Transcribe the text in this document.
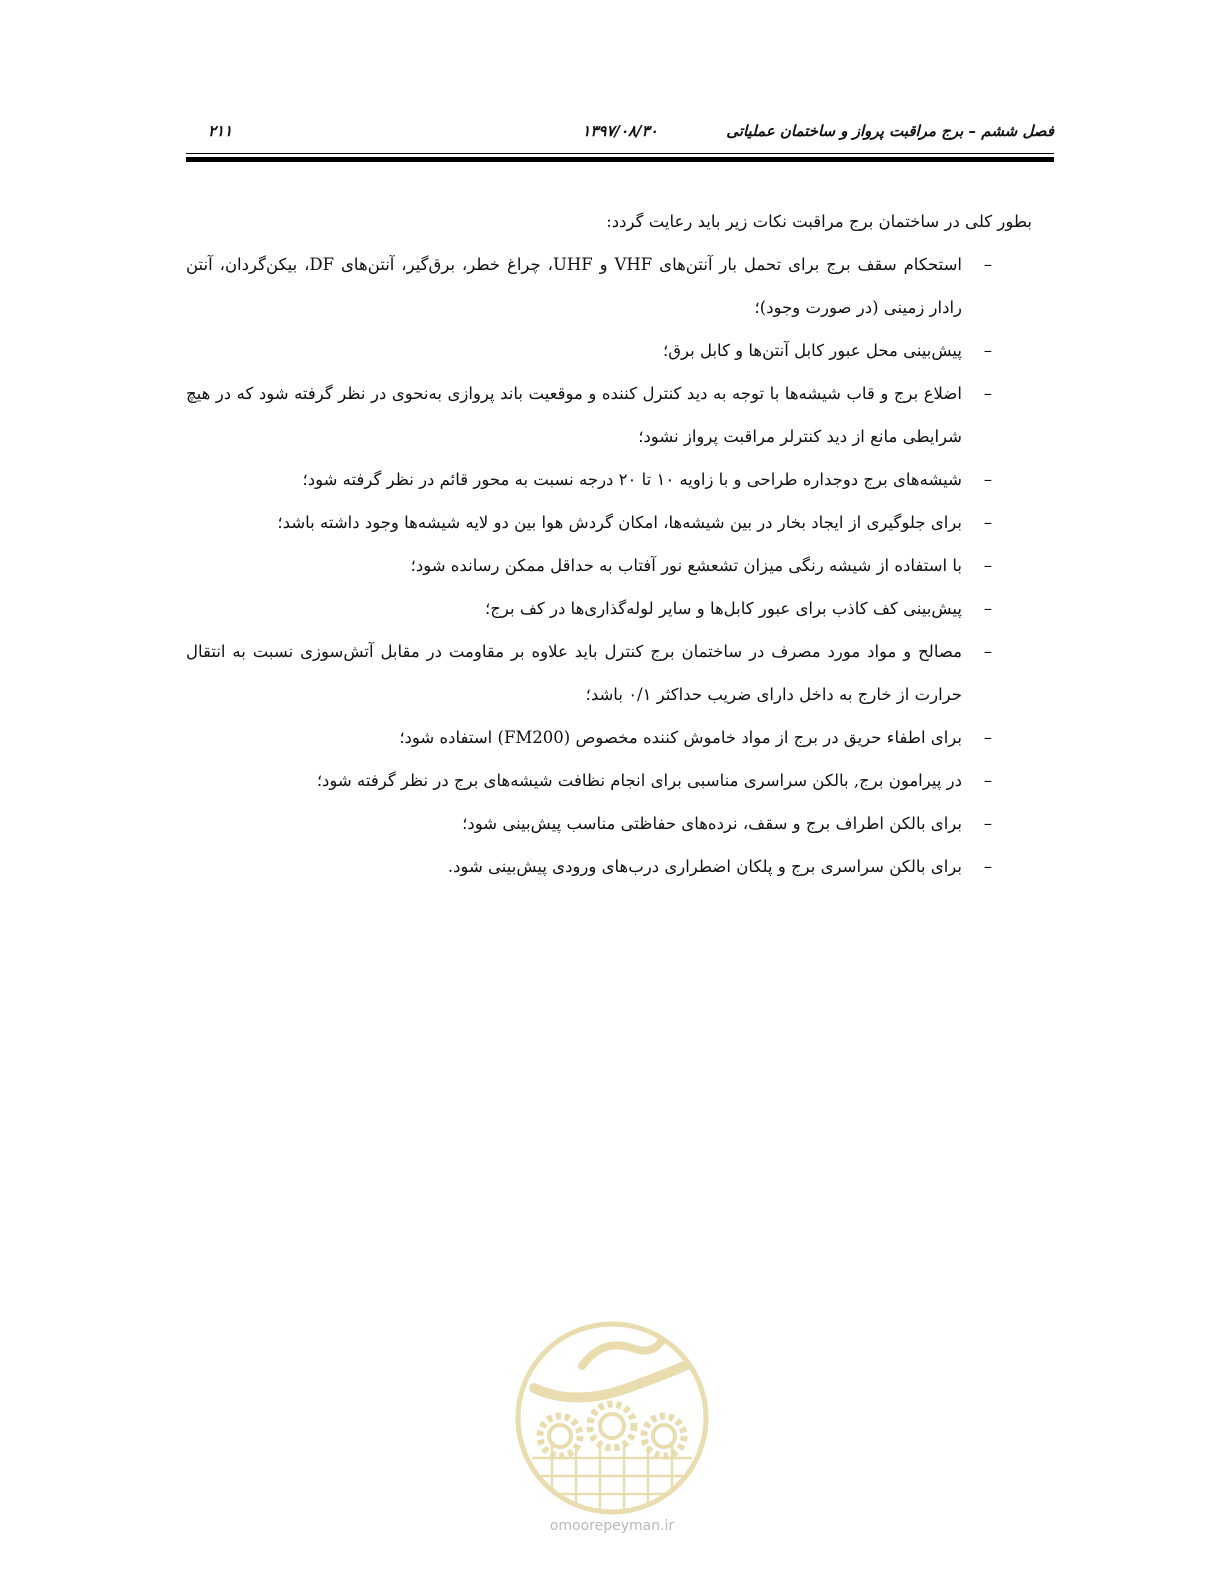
فصل ششم – برج مراقبت پرواز و ساختمان عملیاتی
۱۳۹۷/۰۸/۳۰
۲۱۱

بطور کلی در ساختمان برج مراقبت نکات زیر باید رعایت گردد:

–
استحکام سقف برج برای تحمل بار آنتن‌های VHF و UHF، چراغ خطر، برق‌گیر، آنتن‌های DF، بیکن‌گردان، آنتن رادار زمینی (در صورت وجود)؛
–
پیش‌بینی محل عبور کابل آنتن‌ها و کابل برق؛
–
اضلاع برج و قاب شیشه‌ها با توجه به دید کنترل کننده و موقعیت باند پروازی به‌نحوی در نظر گرفته شود که در هیچ شرایطی مانع از دید کنترلر مراقبت پرواز نشود؛
–
شیشه‌های برج دوجداره طراحی و با زاویه ۱۰ تا ۲۰ درجه نسبت به محور قائم در نظر گرفته شود؛
–
برای جلوگیری از ایجاد بخار در بین شیشه‌ها، امکان گردش هوا بین دو لایه شیشه‌ها وجود داشته باشد؛
–
با استفاده از شیشه رنگی میزان تشعشع نور آفتاب به حداقل ممکن رسانده شود؛
–
پیش‌بینی کف کاذب برای عبور کابل‌ها و سایر لوله‌گذاری‌ها در کف برج؛
–
مصالح و مواد مورد مصرف در ساختمان برج کنترل باید علاوه بر مقاومت در مقابل آتش‌سوزی نسبت به انتقال حرارت از خارج به داخل دارای ضریب حداکثر ۰/۱ باشد؛
–
برای اطفاء حریق در برج از مواد خاموش کننده مخصوص (FM200) استفاده شود؛
–
در پیرامون برج, بالکن سراسری مناسبی برای انجام نظافت شیشه‌های برج در نظر گرفته شود؛
–
برای بالکن اطراف برج و سقف، نرده‌های حفاظتی مناسب پیش‌بینی شود؛
–
برای بالکن سراسری برج و پلکان اضطراری درب‌های ورودی پیش‌بینی شود.
omoorepeyman.ir
